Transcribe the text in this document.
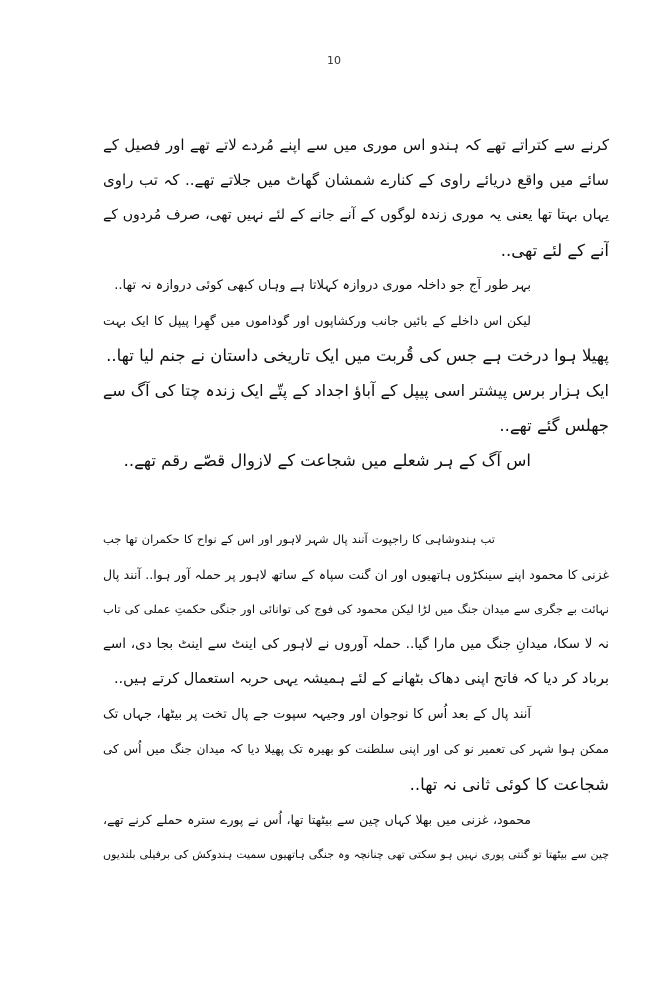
10
کرنے سے کتراتے تھے کہ ہندو اس موری میں سے اپنے مُردے لاتے تھے اور فصیل کے
سائے میں واقع دریائے راوی کے کنارے شمشان گھاٹ میں جلاتے تھے.. کہ تب راوی
یہاں بہتا تھا یعنی یہ موری زندہ لوگوں کے آنے جانے کے لئے نہیں تھی، صرف مُردوں کے
آنے کے لئے تھی..
بہر طور آج جو داخلہ موری دروازہ کہلاتا ہے وہاں کبھی کوئی دروازہ نہ تھا..
لیکن اس داخلے کے بائیں جانب ورکشاپوں اور گوداموں میں گھِرا پیپل کا ایک بہت
پھیلا ہوا درخت ہے جس کی قُربت میں ایک تاریخی داستان نے جنم لیا تھا..
ایک ہزار برس پیشتر اسی پیپل کے آباؤ اجداد کے پتّے ایک زندہ چتا کی آگ سے
جھلس گئے تھے..
اس آگ کے ہر شعلے میں شجاعت کے لازوال قصّے رقم تھے..
تب ہندوشاہی کا راجپوت آنند پال شہر لاہور اور اس کے نواح کا حکمران تھا جب
غزنی کا محمود اپنے سینکڑوں ہاتھیوں اور ان گنت سپاہ کے ساتھ لاہور پر حملہ آور ہوا.. آنند پال
نہائت بے جگری سے میدان جنگ میں لڑا لیکن محمود کی فوج کی توانائی اور جنگی حکمتِ عملی کی تاب
نہ لا سکا، میدانِ جنگ میں مارا گیا.. حملہ آوروں نے لاہور کی اینٹ سے اینٹ بجا دی، اسے
برباد کر دیا کہ فاتح اپنی دھاک بٹھانے کے لئے ہمیشہ یہی حربہ استعمال کرتے ہیں..
آنند پال کے بعد اُس کا نوجوان اور وجیہہ سپوت جے پال تخت پر بیٹھا، جہاں تک
ممکن ہوا شہر کی تعمیر نو کی اور اپنی سلطنت کو بھیرہ تک پھیلا دیا کہ میدان جنگ میں اُس کی
شجاعت کا کوئی ثانی نہ تھا..
محمود، غزنی میں بھلا کہاں چین سے بیٹھتا تھا، اُس نے پورے سترہ حملے کرنے تھے،
چین سے بیٹھتا تو گنتی پوری نہیں ہو سکتی تھی چنانچہ وہ جنگی ہاتھیوں سمیت ہندوکش کی برفیلی بلندیوں
